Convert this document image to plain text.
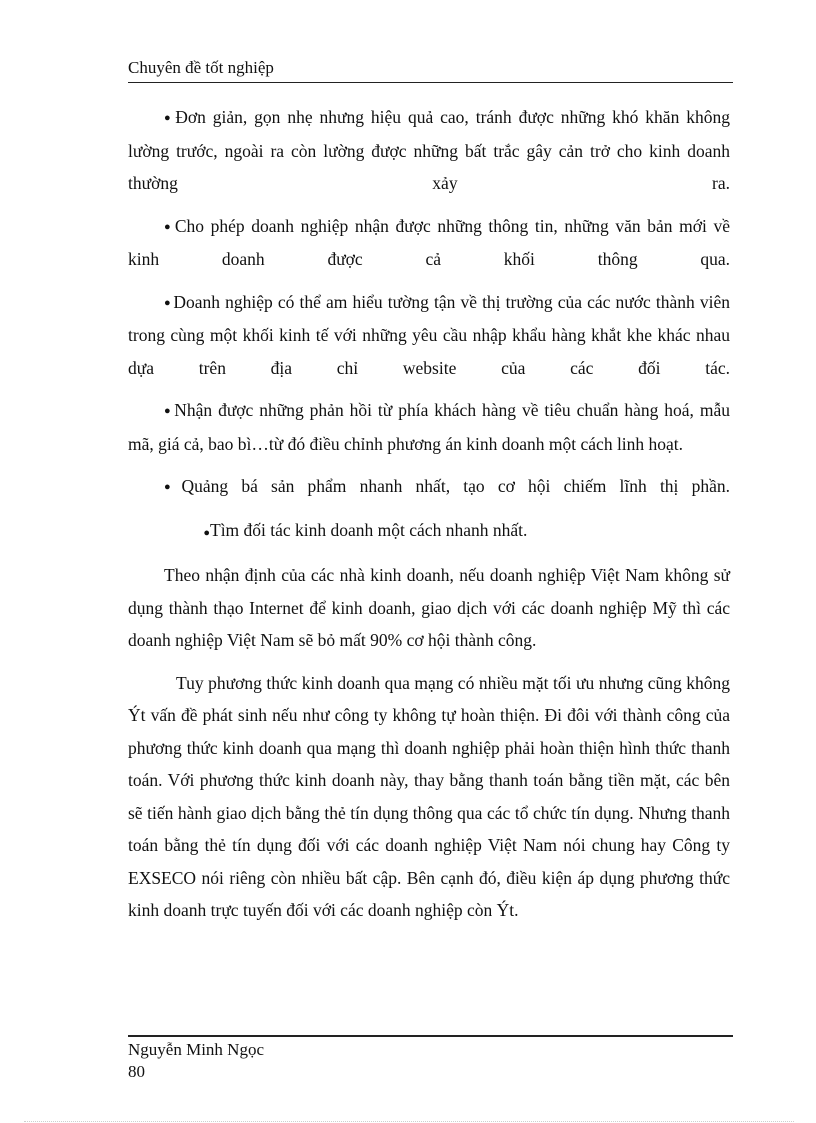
Chuyên đề tốt nghiệp

● Đơn giản, gọn nhẹ nhưng hiệu quả cao, tránh được những khó khăn không lường trước, ngoài ra còn lường được những bất trắc gây cản trở cho kinh doanh thường xảy ra.

● Cho phép doanh nghiệp nhận được những thông tin, những văn bản mới về kinh doanh được cả khối thông qua.

● Doanh nghiệp có thể am hiểu tường tận về thị trường của các nước thành viên trong cùng một khối kinh tế với những yêu cầu nhập khẩu hàng khắt khe khác nhau dựa trên địa chỉ website của các đối tác.

● Nhận được những phản hồi từ phía khách hàng về tiêu chuẩn hàng hoá, mẫu mã, giá cả, bao bì…từ đó điều chỉnh phương án kinh doanh một cách linh hoạt.

● Quảng bá sản phẩm nhanh nhất, tạo cơ hội chiếm lĩnh thị phần.

● Tìm đối tác kinh doanh một cách nhanh nhất.

Theo nhận định của các nhà kinh doanh, nếu doanh nghiệp Việt Nam không sử dụng thành thạo Internet để kinh doanh, giao dịch với các doanh nghiệp Mỹ thì các doanh nghiệp Việt Nam sẽ bỏ mất 90% cơ hội thành công.

Tuy phương thức kinh doanh qua mạng có nhiều mặt tối ưu nhưng cũng không Ýt vấn đề phát sinh nếu như công ty không tự hoàn thiện. Đi đôi với thành công của phương thức kinh doanh qua mạng thì doanh nghiệp phải hoàn thiện hình thức thanh toán. Với phương thức kinh doanh này, thay bằng thanh toán bằng tiền mặt, các bên sẽ tiến hành giao dịch bằng thẻ tín dụng thông qua các tổ chức tín dụng. Nhưng thanh toán bằng thẻ tín dụng đối với các doanh nghiệp Việt Nam nói chung hay Công ty EXSECO nói riêng còn nhiều bất cập. Bên cạnh đó, điều kiện áp dụng phương thức kinh doanh trực tuyến đối với các doanh nghiệp còn Ýt.

Nguyễn Minh Ngọc
80
